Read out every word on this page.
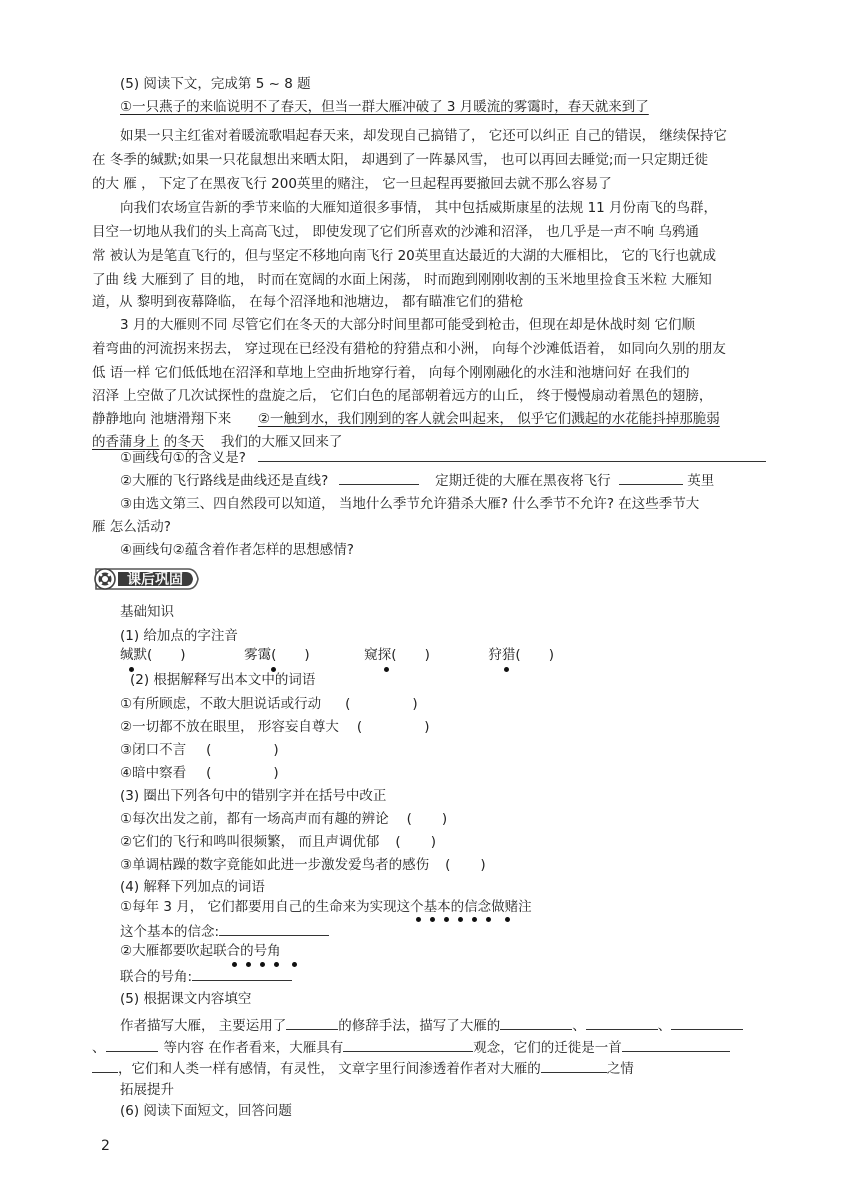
(5) 阅读下文，完成第 5 ~ 8 题
①一只燕子的来临说明不了春天，但当一群大雁冲破了 3 月暖流的雾霭时，春天就来到了
如果一只主红雀对着暖流歌唱起春天来，却发现自己搞错了， 它还可以纠正 自己的错误， 继续保持它
在 冬季的缄默;如果一只花鼠想出来晒太阳， 却遇到了一阵暴风雪， 也可以再回去睡觉;而一只定期迁徙
的大 雁 ， 下定了在黑夜飞行 200英里的赌注， 它一旦起程再要撤回去就不那么容易了
向我们农场宣告新的季节来临的大雁知道很多事情， 其中包括威斯康星的法规 11 月份南飞的鸟群，
目空一切地从我们的头上高高飞过， 即使发现了它们所喜欢的沙滩和沼泽， 也几乎是一声不响 乌鸦通
常 被认为是笔直飞行的，但与坚定不移地向南飞行 20英里直达最近的大湖的大雁相比， 它的飞行也就成
了曲 线 大雁到了 目的地， 时而在宽阔的水面上闲荡， 时而跑到刚刚收割的玉米地里捡食玉米粒 大雁知
道，从 黎明到夜幕降临， 在每个沼泽地和池塘边， 都有瞄准它们的猎枪
3 月的大雁则不同 尽管它们在冬天的大部分时间里都可能受到枪击，但现在却是休战时刻 它们顺
着弯曲的河流拐来拐去， 穿过现在已经没有猎枪的狩猎点和小洲， 向每个沙滩低语着， 如同向久别的朋友
低 语一样 它们低低地在沼泽和草地上空曲折地穿行着， 向每个刚刚融化的水洼和池塘问好 在我们的
沼泽 上空做了几次试探性的盘旋之后， 它们白色的尾部朝着远方的山丘， 终于慢慢扇动着黑色的翅膀，
静静地向 池塘滑翔下来 ②一触到水，我们刚到的客人就会叫起来， 似乎它们溅起的水花能抖掉那脆弱
的香蒲身上 的冬天 我们的大雁又回来了
①画线句①的含义是?
②大雁的飞行路线是曲线还是直线?	定期迁徙的大雁在黑夜将飞行	英里
③由选文第三、四自然段可以知道， 当地什么季节允许猎杀大雁? 什么季节不允许? 在这些季节大
雁 怎么活动?
④画线句②蕴含着作者怎样的思想感情?
课后巩固
基础知识
(1) 给加点的字注音
缄默( )	雾霭( )	窥探( )	狩猎( )
(2) 根据解释写出本文中的词语
①有所顾虑，不敢大胆说话或行动 (	)
②一切都不放在眼里， 形容妄自尊大 (	)
③闭口不言 (	)
④暗中察看 (	)
(3) 圈出下列各句中的错别字并在括号中改正
①每次出发之前，都有一场高声而有趣的辨论 ( )
②它们的飞行和鸣叫很频繁， 而且声调优郁 ( )
③单调枯躁的数字竟能如此进一步激发爱鸟者的感伤 ( )
(4) 解释下列加点的词语
①每年 3 月， 它们都要用自己的生命来为实现这个基本的信念做赌注
这个基本的信念:
②大雁都要吹起联合的号角
联合的号角:
(5) 根据课文内容填空
作者描写大雁， 主要运用了	的修辞手法，描写了大雁的	、	、
、	等内容 在作者看来，大雁具有	观念，它们的迁徙是一首
，它们和人类一样有感情，有灵性， 文章字里行间渗透着作者对大雁的	之情
拓展提升
(6) 阅读下面短文，回答问题
2
